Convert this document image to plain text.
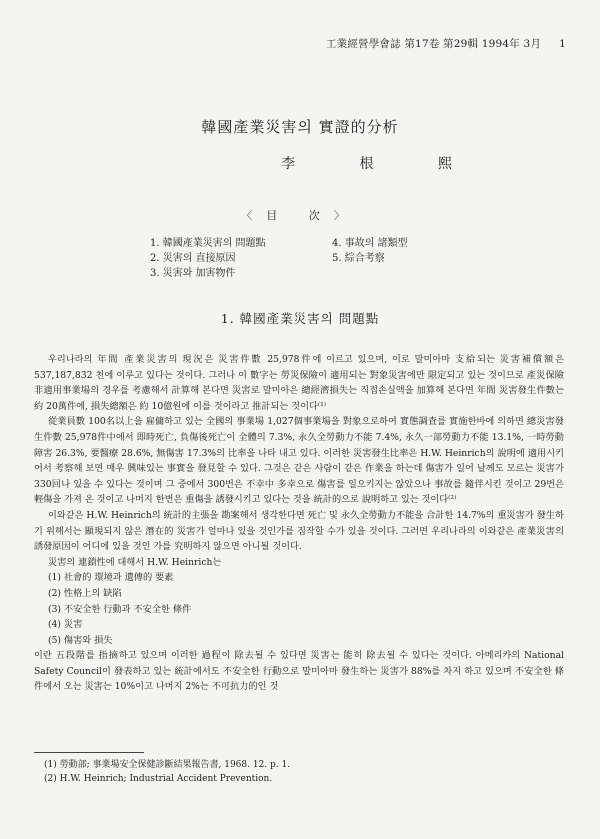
工業經營學會誌 第17卷 第29輯 1994年 3月 1
韓國產業災害의 實證的分析
李 根 熙
〈目 次〉
1. 韓國產業災害의 問題點
2. 災害의 直接原因
3. 災害와 加害物件
4. 事故의 諸類型
5. 綜合考察
1. 韓國產業災害의 問題點

우리나라의 年間 產業災害의 現況은 災害件數 25,978件에 이르고 있으며, 이로 말미아마 支給되는 災害補償額은 537,187,832 천에 이루고 있다는 것이다. 그러나 이 數字는 勞災保險이 適用되는 對象災害에만 限定되고 있는 것이므로 產災保險非適用事業場의 경우를 考慮해서 計算해 본다면 災害로 말미아은 總經濟損失는 직접손실액을 加算해 본다면 年間 災害發生件數는 約 20萬件에, 損失總額은 約 10億원에 이를 것이라고 推計되는 것이다⁽¹⁾

從業員數 100名以上을 雇傭하고 있는 全國의 事業場 1,027個事業場을 對象으로하여 實態調査를 實施한바에 의하면 總災害發生件數 25,978件中에서 即時死亡, 負傷後死亡이 全體의 7.3%, 永久全勞動力不能 7.4%, 永久一部勞動力不能 13.1%, 一時勞動障害 26.3%, 要醫療 28.6%, 無傷害 17.3%의 比率을 나타 내고 있다. 이러한 災害發生比率은 H.W. Heinrich의 說明에 適用시키어서 考察해 보면 매우 興味있는 事實을 發見할 수 있다. 그것은 같은 사람이 같은 作業을 하는데 傷害가 일어 날께도 모르는 災害가 330回나 있을 수 있다는 것이며 그 중에서 300번은 不幸中 多幸으로 傷害를 일으키지는 않았으나 事故를 隨伴시킨 것이고 29번은 輕傷을 가져 온 것이고 나머지 한번은 重傷을 誘發시키고 있다는 것을 統計的으로 說明하고 있는 것이다⁽²⁾

이와같은 H.W. Heinrich의 統計的主張을 勘案해서 생각한다면 死亡 및 永久全勞動力不能을 合計한 14.7%의 重災害가 發生하기 위해서는 顯現되지 않은 潛在的 災害가 얼마나 있을 것인가를 짐작할 수가 있을 것이다. 그러면 우리나라의 이와같은 產業災害의 誘發原因이 어디에 있을 것인 가를 究明하지 않으면 아니될 것이다.

災害의 連鎖性에 대해서 H.W. Heinrich는

(1) 社會的 環境과 遺傳的 要素

(2) 性格上의 缺陷

(3) 不安全한 行動과 不安全한 條件

(4) 災害

(5) 傷害와 損失

이란 五段階를 指摘하고 있으며 이러한 過程이 除去될 수 있다면 災害는 能히 除去될 수 있다는 것이다. 아메리카의 National Safety Council이 發表하고 있는 統計에서도 不安全한 行動으로 말미아마 發生하는 災害가 88%를 차지 하고 있으며 不安全한 條件에서 오는 災害는 10%이고 나머지 2%는 不可抗力的인 것

(1) 勞動部; 事業場安全保健診斷結果報告書, 1968. 12. p. 1.
(2) H.W. Heinrich; Industrial Accident Prevention.
